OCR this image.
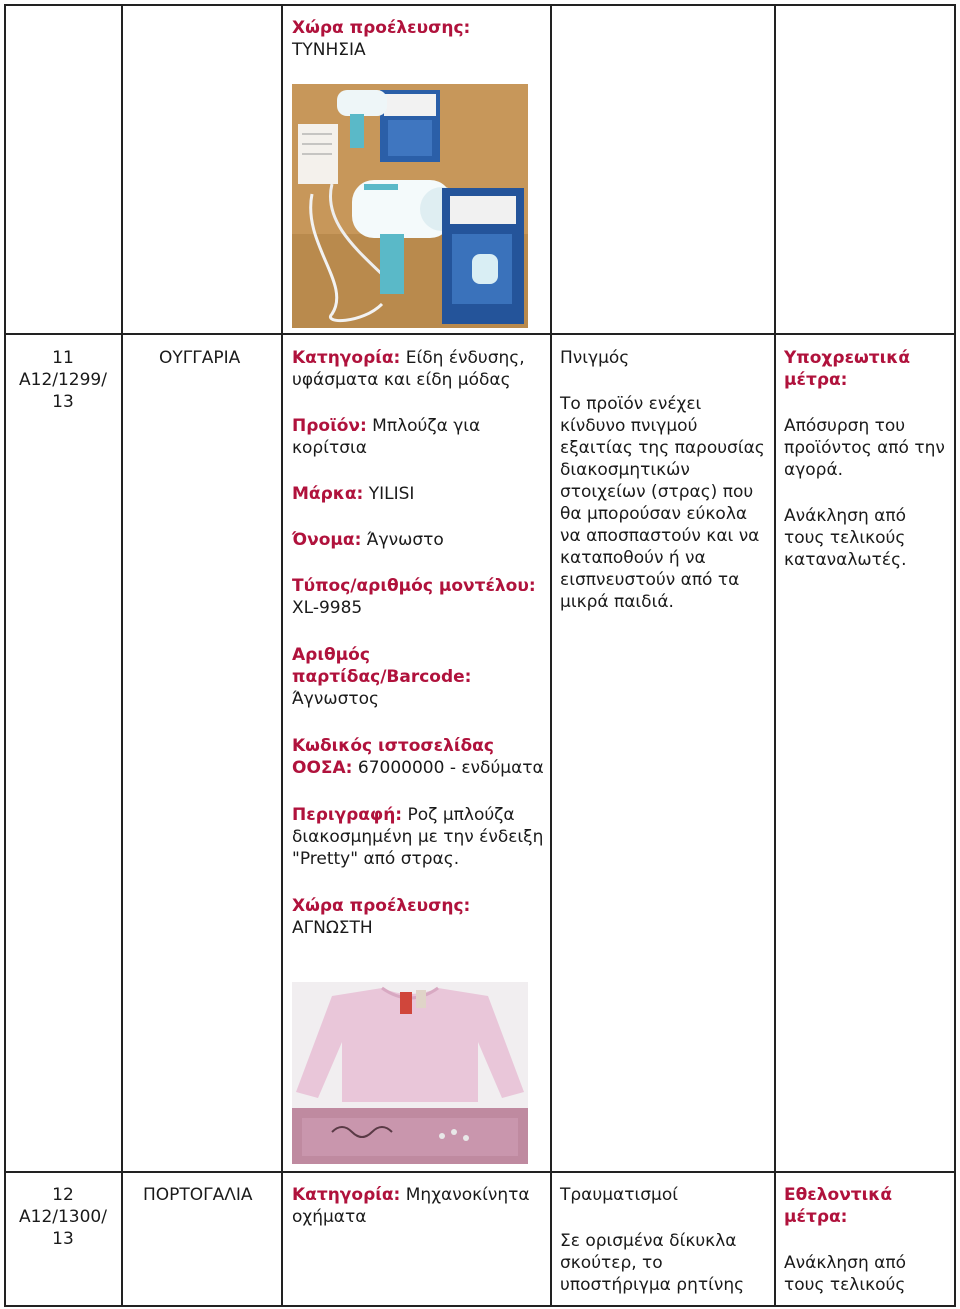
Χώρα προέλευσης:

ΤΥΝΗΣΙΑ

11

A12/1299/

13

ΟΥΓΓΑΡΙΑ	Κατηγορία: Είδη ένδυσης, υφάσματα και είδη μόδας

Προϊόν: Μπλούζα για κορίτσια

Μάρκα: YILISI

Όνομα: Άγνωστο

Τύπος/αριθμός μοντέλου: XL-9985

Αριθμός παρτίδας/Barcode: Άγνωστος

Κωδικός ιστοσελίδας ΟΟΣΑ: 67000000 - ενδύματα

Περιγραφή: Ροζ μπλούζα διακοσμημένη με την ένδειξη "Pretty" από στρας.

Χώρα προέλευσης:

ΑΓΝΩΣΤΗ

Πνιγμός

Το προϊόν ενέχει κίνδυνο πνιγμού εξαιτίας της παρουσίας διακοσμητικών στοιχείων (στρας) που θα μπορούσαν εύκολα να αποσπαστούν και να καταποθούν ή να εισπνευστούν από τα μικρά παιδιά.

Υποχρεωτικά μέτρα:

Απόσυρση του προϊόντος από την αγορά.

Ανάκληση από τους τελικούς καταναλωτές.

12

A12/1300/

13

ΠΟΡΤΟΓΑΛΙΑ	Κατηγορία: Μηχανοκίνητα οχήματα

Τραυματισμοί

Σε ορισμένα δίκυκλα σκούτερ, το υποστήριγμα ρητίνης

Εθελοντικά μέτρα:

Ανάκληση από τους τελικούς
